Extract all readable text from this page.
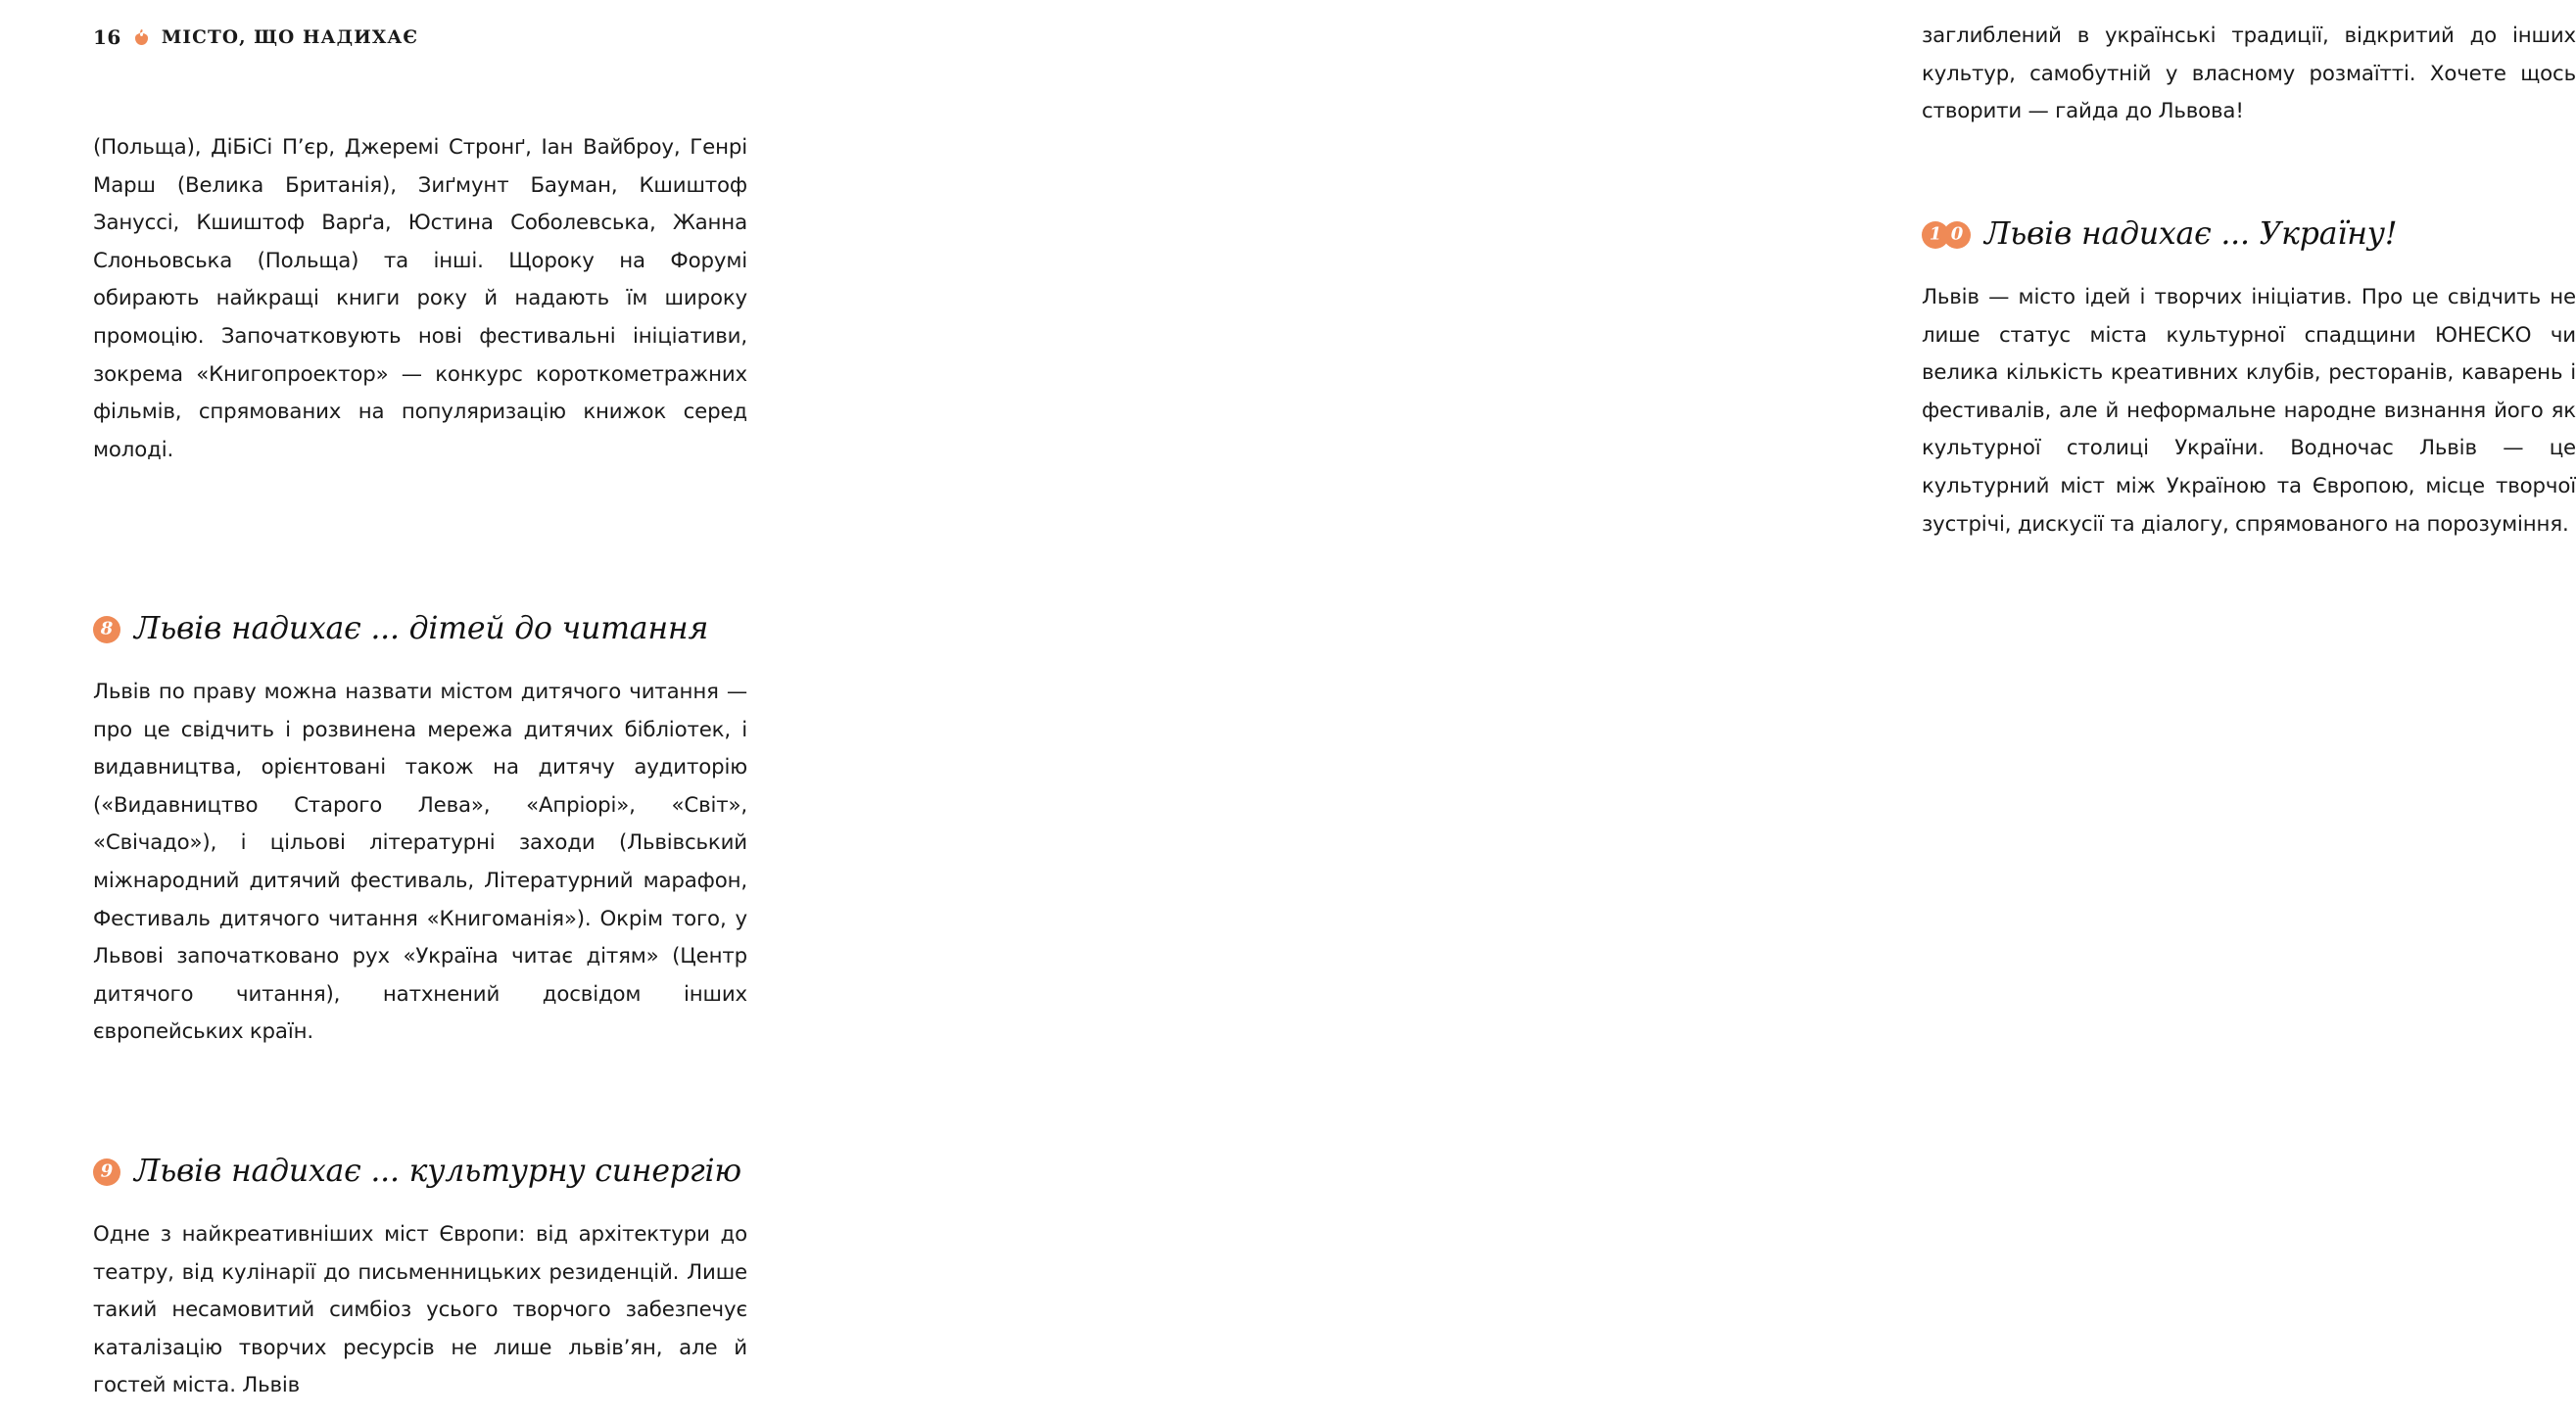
16 МІСТО, ЩО НАДИХАЄ

(Польща), ДіБіСі П’єр, Джеремі Стронґ, Іан Вайброу, Генрі Марш (Велика Британія), Зиґмунт Бауман, Кшиштоф Зануссі, Кшиштоф Варґа, Юстина Соболевська, Жанна Слоньовська (Польща) та інші. Щороку на Форумі обирають найкращі книги року й надають їм широку промоцію. Започатковують нові фестивальні ініціативи, зокрема «Книгопроектор» — конкурс короткометражних фільмів, спрямованих на популяризацію книжок серед молоді.

8 Львів надихає ... дітей до читання

Львів по праву можна назвати містом дитячого читання — про це свідчить і розвинена мережа дитячих бібліотек, і видавництва, орієнтовані також на дитячу аудиторію («Видавництво Старого Лева», «Апріорі», «Світ», «Свічадо»), і цільові літературні заходи (Львівський міжнародний дитячий фестиваль, Літературний марафон, Фестиваль дитячого читання «Книгоманія»). Окрім того, у Львові започатковано рух «Україна читає дітям» (Центр дитячого читання), натхнений досвідом інших європейських країн.

9 Львів надихає ... культурну синергію

Одне з найкреативніших міст Європи: від архітектури до театру, від кулінарії до письменницьких резиденцій. Лише такий несамовитий симбіоз усього творчого забезпечує каталізацію творчих ресурсів не лише львів’ян, але й гостей міста. Львів

заглиблений в українські традиції, відкритий до інших культур, самобутній у власному розмаїтті. Хочете щось створити — гайда до Львова!

1 0 Львів надихає ... Україну!

Львів — місто ідей і творчих ініціатив. Про це свідчить не лише статус міста культурної спадщини ЮНЕСКО чи велика кількість креативних клубів, ресторанів, каварень і фестивалів, але й неформальне народне визнання його як культурної столиці України. Водночас Львів — це культурний міст між Україною та Європою, місце творчої зустрічі, дискусії та діалогу, спрямованого на порозуміння.
